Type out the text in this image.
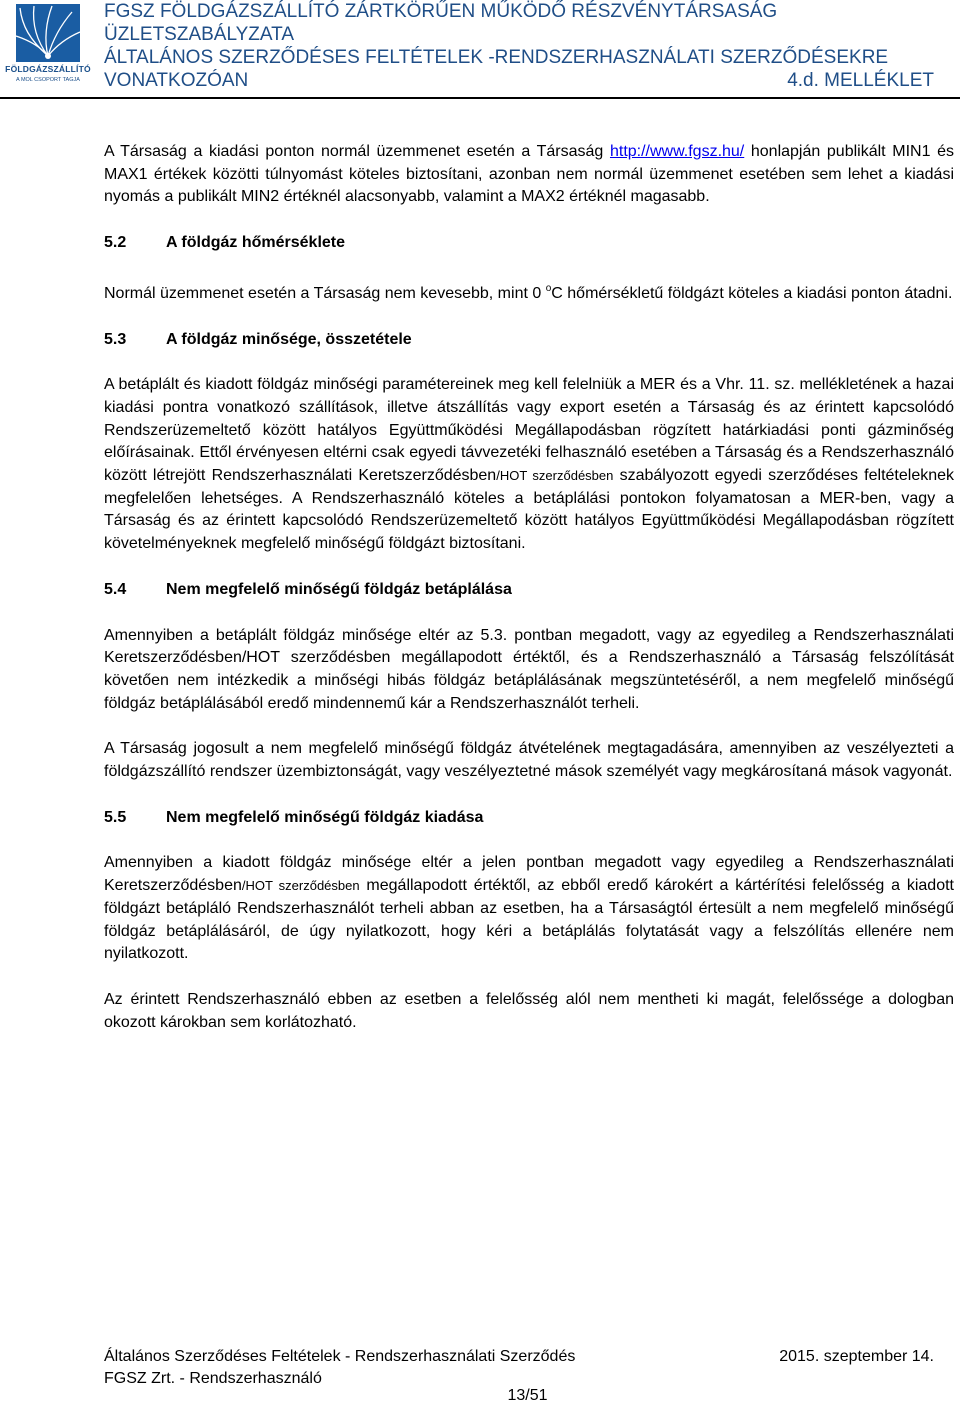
FÖLDGÁZSZÁLLÍTÓ
A MOL CSOPORT TAGJA
FGSZ FÖLDGÁZSZÁLLÍTÓ ZÁRTKÖRŰEN MŰKÖDŐ RÉSZVÉNYTÁRSASÁG
ÜZLETSZABÁLYZATA
ÁLTALÁNOS SZERZŐDÉSES FELTÉTELEK -RENDSZERHASZNÁLATI SZERZŐDÉSEKRE
VONATKOZÓAN	4.d. MELLÉKLET

A Társaság a kiadási ponton normál üzemmenet esetén a Társaság http://www.fgsz.hu/ honlapján publikált MIN1 és MAX1 értékek közötti túlnyomást köteles biztosítani, azonban nem normál üzemmenet esetében sem lehet a kiadási nyomás a publikált MIN2 értéknél alacsonyabb, valamint a MAX2 értéknél magasabb.

5.2 A földgáz hőmérséklete

Normál üzemmenet esetén a Társaság nem kevesebb, mint 0 $^o$C hőmérsékletű földgázt köteles a kiadási ponton átadni.

5.3 A földgáz minősége, összetétele

A betáplált és kiadott földgáz minőségi paramétereinek meg kell felelniük a MER és a Vhr. 11. sz. mellékletének a hazai kiadási pontra vonatkozó szállítások, illetve átszállítás vagy export esetén a Társaság és az érintett kapcsolódó Rendszerüzemeltető között hatályos Együttműködési Megállapodásban rögzített határkiadási ponti gázminőség előírásainak. Ettől érvényesen eltérni csak egyedi távvezetéki felhasználó esetében a Társaság és a Rendszerhasználó között létrejött Rendszerhasználati Keretszerződésben/HOT szerződésben szabályozott egyedi szerződéses feltételeknek megfelelően lehetséges. A Rendszerhasználó köteles a betáplálási pontokon folyamatosan a MER-ben, vagy a Társaság és az érintett kapcsolódó Rendszerüzemeltető között hatályos Együttműködési Megállapodásban rögzített követelményeknek megfelelő minőségű földgázt biztosítani.

5.4 Nem megfelelő minőségű földgáz betáplálása

Amennyiben a betáplált földgáz minősége eltér az 5.3. pontban megadott, vagy az egyedileg a Rendszerhasználati Keretszerződésben/HOT szerződésben megállapodott értéktől, és a Rendszerhasználó a Társaság felszólítását követően nem intézkedik a minőségi hibás földgáz betáplálásának megszüntetéséről, a nem megfelelő minőségű földgáz betáplálásából eredő mindennemű kár a Rendszerhasználót terheli.

A Társaság jogosult a nem megfelelő minőségű földgáz átvételének megtagadására, amennyiben az veszélyezteti a földgázszállító rendszer üzembiztonságát, vagy veszélyeztetné mások személyét vagy megkárosítaná mások vagyonát.

5.5 Nem megfelelő minőségű földgáz kiadása

Amennyiben a kiadott földgáz minősége eltér a jelen pontban megadott vagy egyedileg a Rendszerhasználati Keretszerződésben/HOT szerződésben megállapodott értéktől, az ebből eredő károkért a kártérítési felelősség a kiadott földgázt betápláló Rendszerhasználót terheli abban az esetben, ha a Társaságtól értesült a nem megfelelő minőségű földgáz betáplálásáról, de úgy nyilatkozott, hogy kéri a betáplálás folytatását vagy a felszólítás ellenére nem nyilatkozott.

Az érintett Rendszerhasználó ebben az esetben a felelősség alól nem mentheti ki magát, felelőssége a dologban okozott károkban sem korlátozható.

Általános Szerződéses Feltételek - Rendszerhasználati Szerződés	2015. szeptember 14.
FGSZ Zrt. - Rendszerhasználó
13/51
